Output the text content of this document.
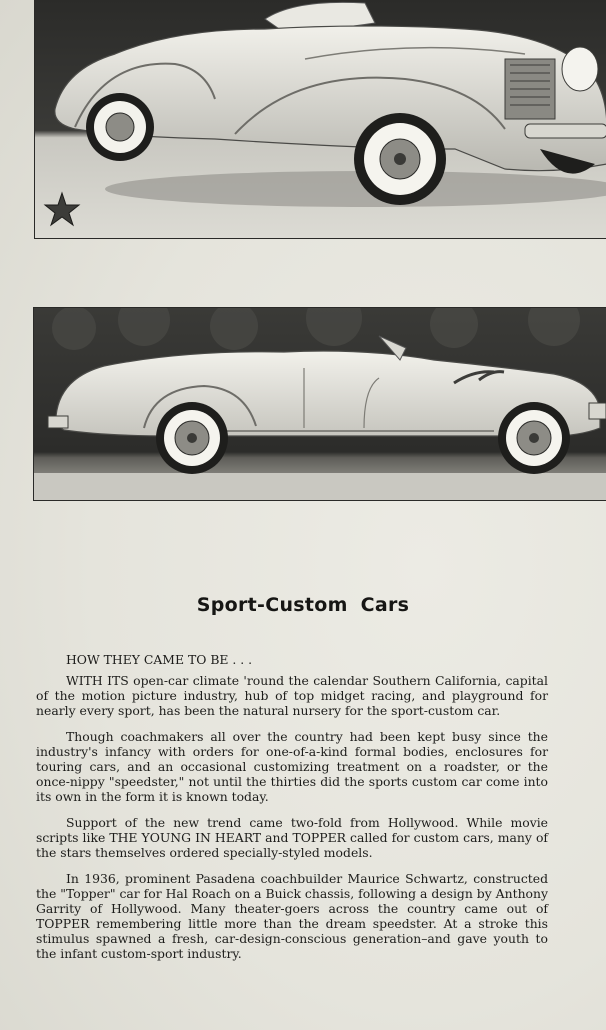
Sport-Custom Cars

HOW THEY CAME TO BE . . .

WITH ITS open-car climate 'round the calendar Southern California, capital of the motion picture industry, hub of top midget racing, and playground for nearly every sport, has been the natural nursery for the sport-custom car.

Though coachmakers all over the country had been kept busy since the industry's infancy with orders for one-of-a-kind formal bodies, enclosures for touring cars, and an occasional customizing treatment on a roadster, or the once-nippy "speedster," not until the thirties did the sports custom car come into its own in the form it is known today.

Support of the new trend came two-fold from Hollywood. While movie scripts like THE YOUNG IN HEART and TOPPER called for custom cars, many of the stars themselves ordered specially-styled models.

In 1936, prominent Pasadena coachbuilder Maurice Schwartz, constructed the "Topper" car for Hal Roach on a Buick chassis, following a design by Anthony Garrity of Hollywood. Many theater-goers across the country came out of TOPPER remembering little more than the dream speedster. At a stroke this stimulus spawned a fresh, car-design-conscious generation–and gave youth to the infant custom-sport industry.
